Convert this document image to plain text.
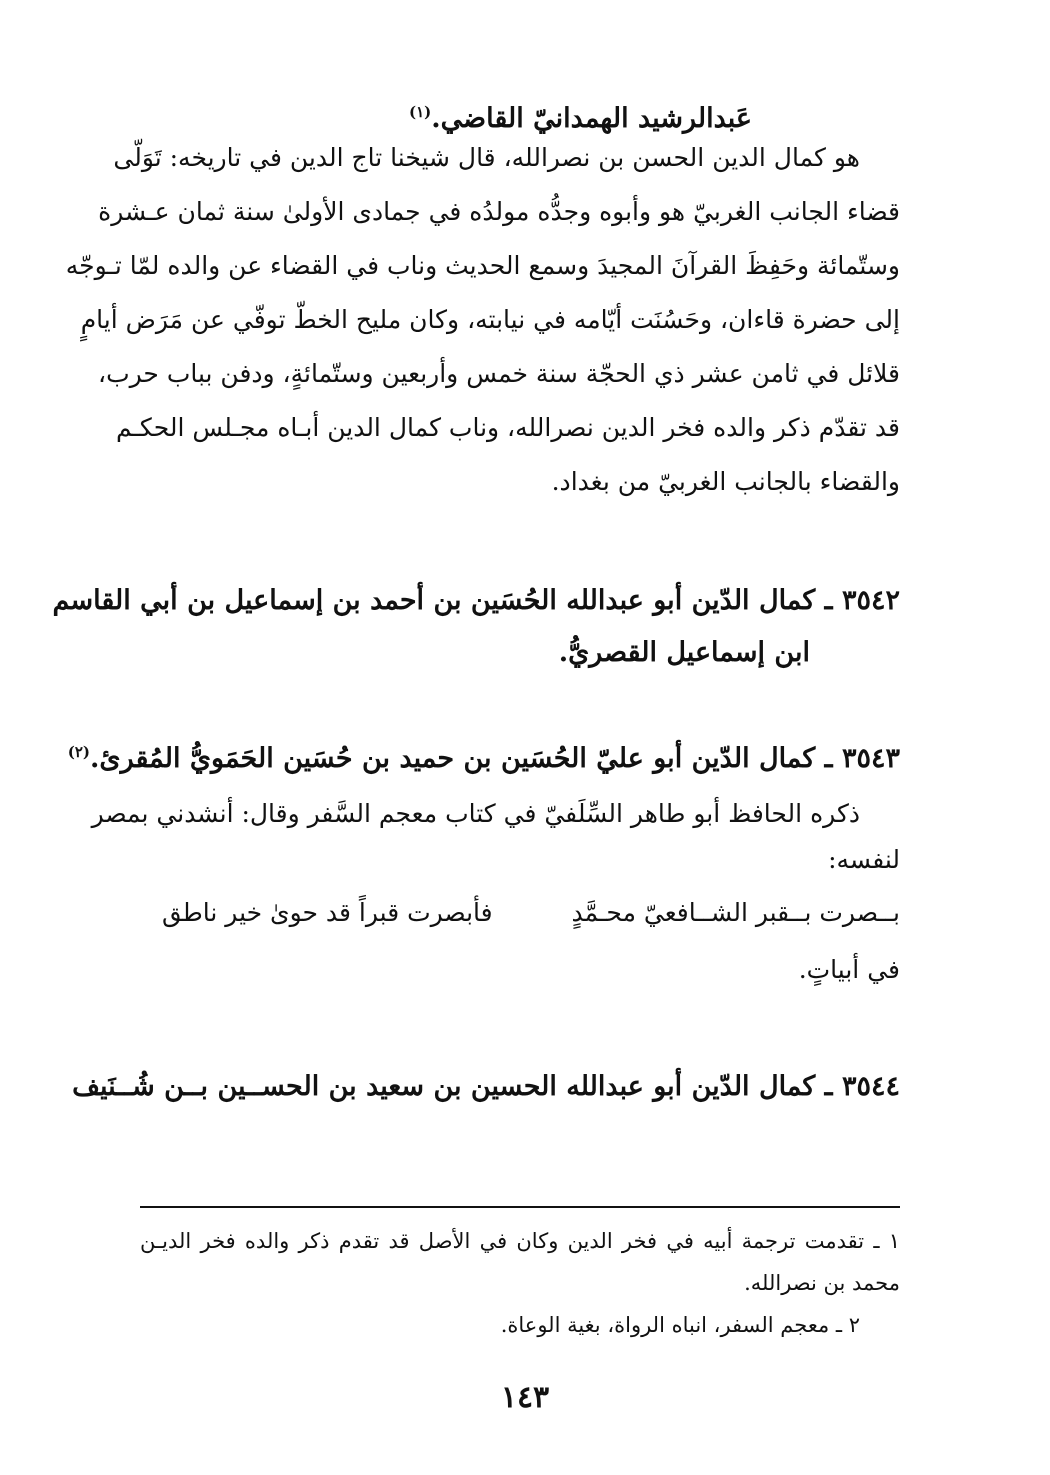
عَبدالرشيد الهمدانيّ القاضي.$^{(١)}$
هو كمال الدين الحسن بن نصرالله، قال شيخنا تاج الدين في تاريخه: تَوَلّى
قضاء الجانب الغربيّ هو وأبوه وجدُّه مولدُه في جمادى الأولىٰ سنة ثمان عـشرة
وستّمائة وحَفِظَ القرآنَ المجيدَ وسمع الحديث وناب في القضاء عن والده لمّا تـوجّه
إلى حضرة قاءان، وحَسُنَت أيّامه في نيابته، وكان مليح الخطّ توفّي عن مَرَض أيامٍ
قلائل في ثامن عشر ذي الحجّة سنة خمس وأربعين وستّمائةٍ، ودفن بباب حرب،
قد تقدّم ذكر والده فخر الدين نصرالله، وناب كمال الدين أبـاه مجـلس الحكـم
والقضاء بالجانب الغربيّ من بغداد.
٣٥٤٢ ـ كمال الدّين أبو عبدالله الحُسَين بن أحمد بن إسماعيل بن أبي القاسم
ابن إسماعيل القصريُّ.
٣٥٤٣ ـ كمال الدّين أبو عليّ الحُسَين بن حميد بن حُسَين الحَمَويُّ المُقرئ.$^{(٢)}$
ذكره الحافظ أبو طاهر السِّلَفيّ في كتاب معجم السَّفر وقال: أنشدني بمصر
لنفسه:
بــصرت بــقبر الشــافعيّ محـمَّدٍ
فأبصرت قبراً قد حوىٰ خير ناطق
في أبياتٍ.
٣٥٤٤ ـ كمال الدّين أبو عبدالله الحسين بن سعيد بن الحســين بــن شُــنَيف
١ ـ تقدمت ترجمة أبيه في فخر الدين وكان في الأصل قد تقدم ذكر والده فخر الديـن
محمد بن نصرالله.
٢ ـ معجم السفر، انباه الرواة، بغية الوعاة.
١٤٣
